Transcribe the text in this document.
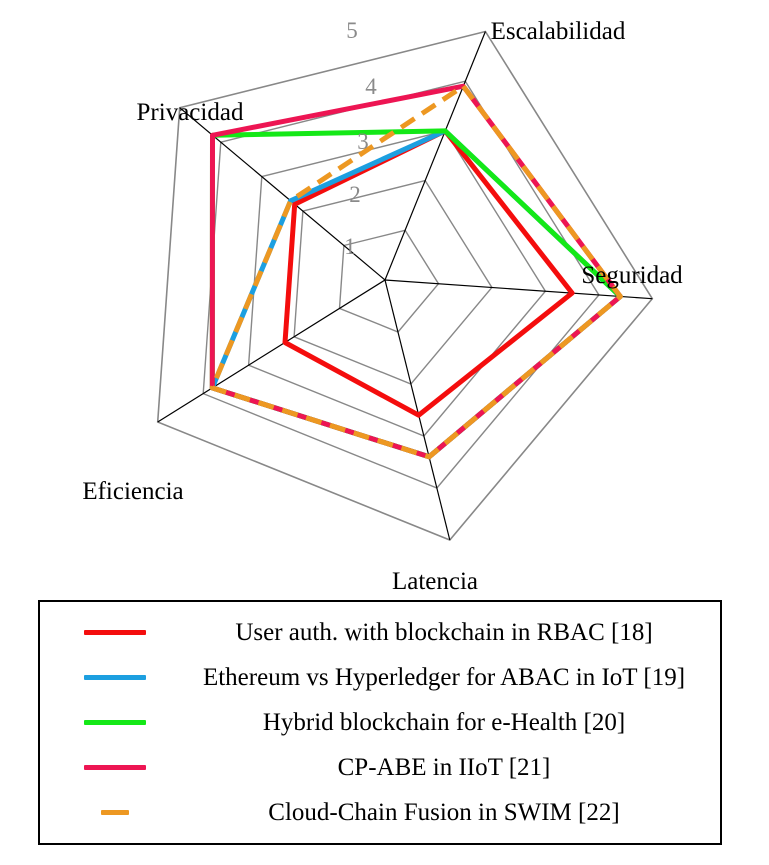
1
2
3
4
5	Escalabilidad
Seguridad
Latencia
Eficiencia
Privacidad
User auth. with blockchain in RBAC [18]
Ethereum vs Hyperledger for ABAC in IoT [19]
Hybrid blockchain for e-Health [20]
CP-ABE in IIoT [21]
Cloud-Chain Fusion in SWIM [22]
